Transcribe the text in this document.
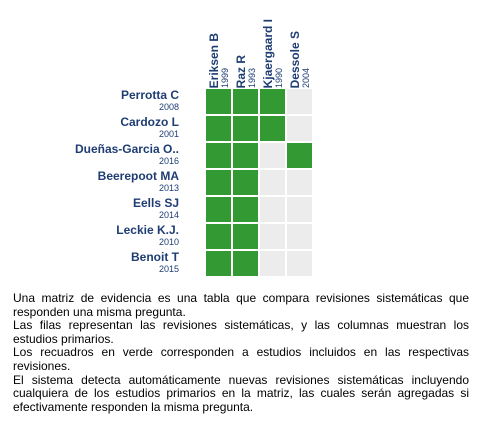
Eriksen B 1999 Raz R 1993 Kjaergaard I 1990 Dessole S 2004
Perrotta C
2008
Cardozo L
2001
Dueñas-Garcia O..
2016
Beerepoot MA
2013
Eells SJ
2014
Leckie K.J.
2010
Benoit T
2015

Una matriz de evidencia es una tabla que compara revisiones sistemáticas que responden una misma pregunta.

Las filas representan las revisiones sistemáticas, y las columnas muestran los estudios primarios.

Los recuadros en verde corresponden a estudios incluidos en las respectivas revisiones.

El sistema detecta automáticamente nuevas revisiones sistemáticas incluyendo cualquiera de los estudios primarios en la matriz, las cuales serán agregadas si efectivamente responden la misma pregunta.
